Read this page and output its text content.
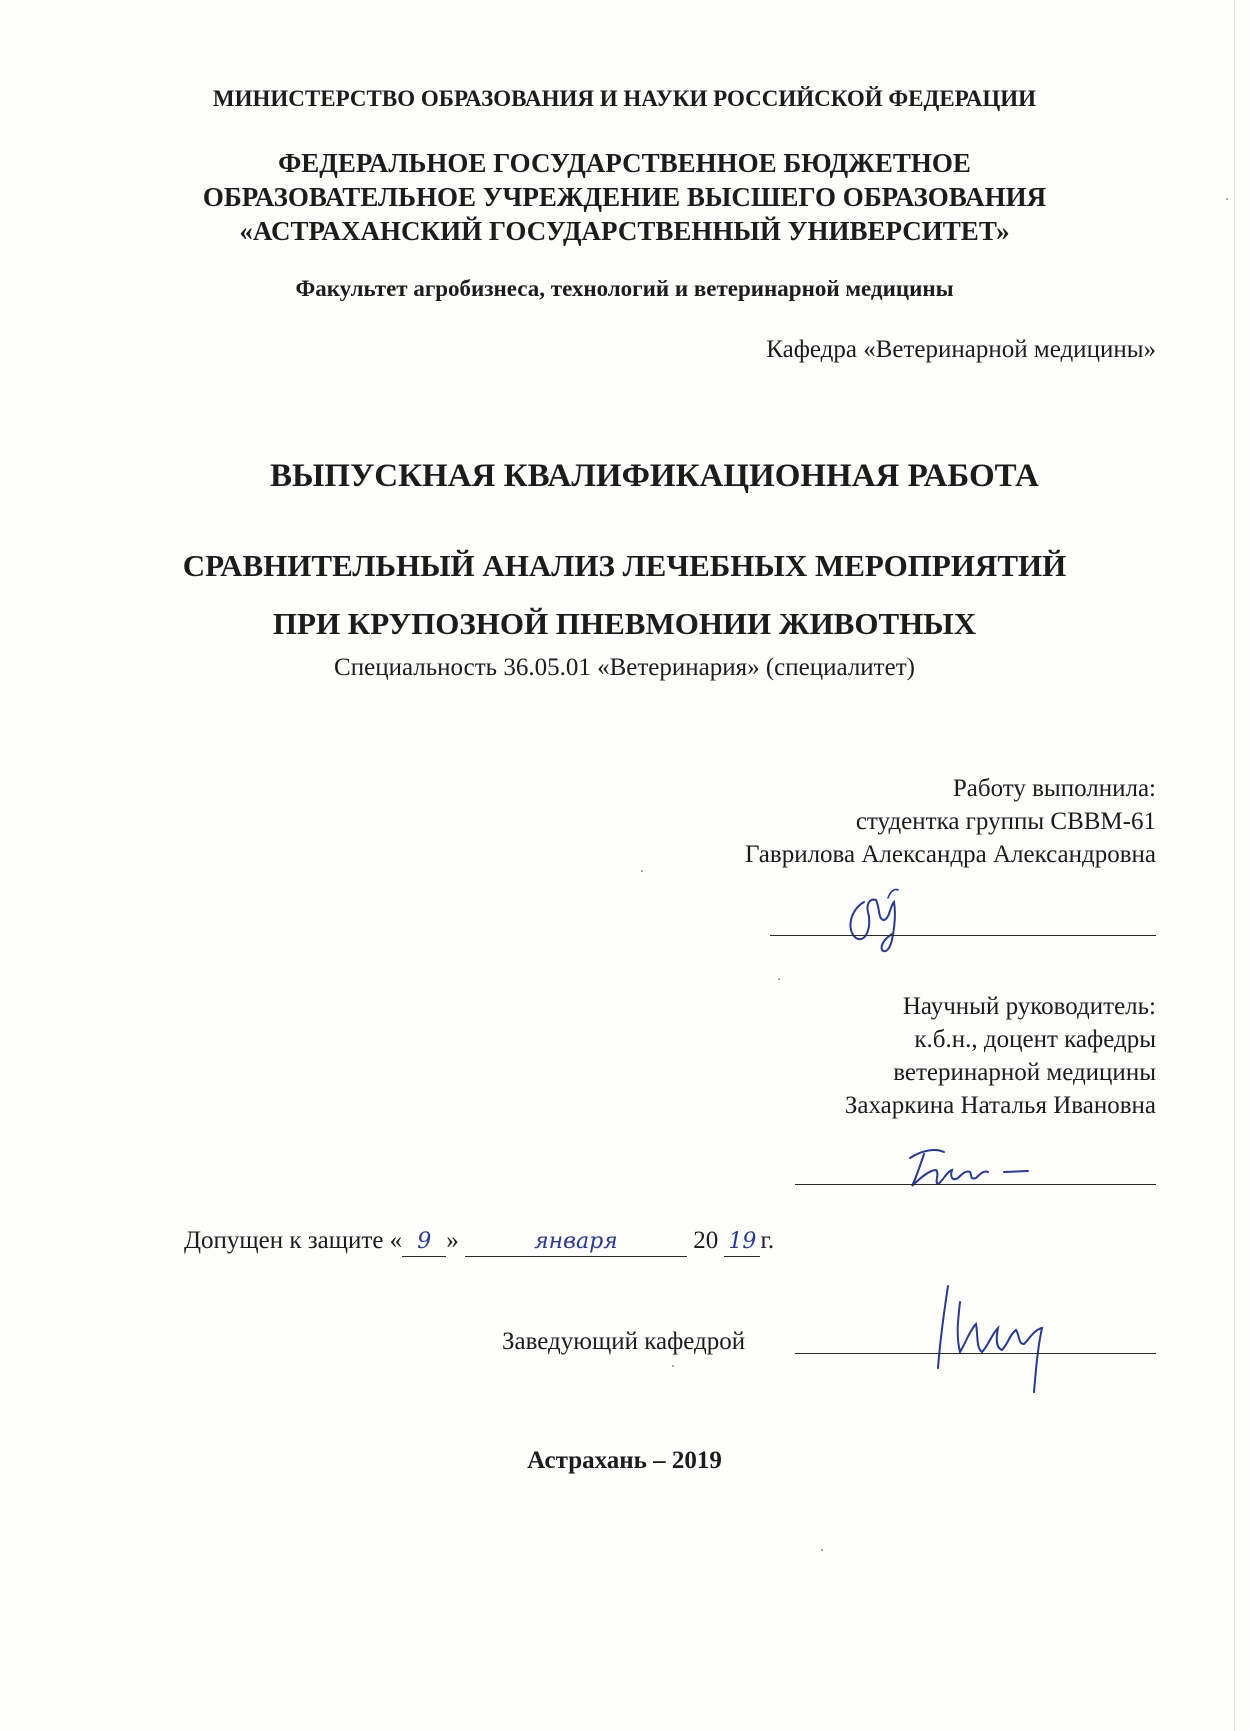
МИНИСТЕРСТВО ОБРАЗОВАНИЯ И НАУКИ РОССИЙСКОЙ ФЕДЕРАЦИИ
ФЕДЕРАЛЬНОЕ ГОСУДАРСТВЕННОЕ БЮДЖЕТНОЕ
ОБРАЗОВАТЕЛЬНОЕ УЧРЕЖДЕНИЕ ВЫСШЕГО ОБРАЗОВАНИЯ
«АСТРАХАНСКИЙ ГОСУДАРСТВЕННЫЙ УНИВЕРСИТЕТ»
Факультет агробизнеса, технологий и ветеринарной медицины
Кафедра «Ветеринарной медицины»
ВЫПУСКНАЯ КВАЛИФИКАЦИОННАЯ РАБОТА
СРАВНИТЕЛЬНЫЙ АНАЛИЗ ЛЕЧЕБНЫХ МЕРОПРИЯТИЙ
ПРИ КРУПОЗНОЙ ПНЕВМОНИИ ЖИВОТНЫХ
Специальность 36.05.01 «Ветеринария» (специалитет)
Работу выполнила:
студентка группы СВВМ-61
Гаврилова Александра Александровна
Научный руководитель:
к.б.н., доцент кафедры
ветеринарной медицины
Захаркина Наталья Ивановна
Допущен к защите « 9 »	января	20 19 г.
Заведующий кафедрой
Астрахань – 2019
